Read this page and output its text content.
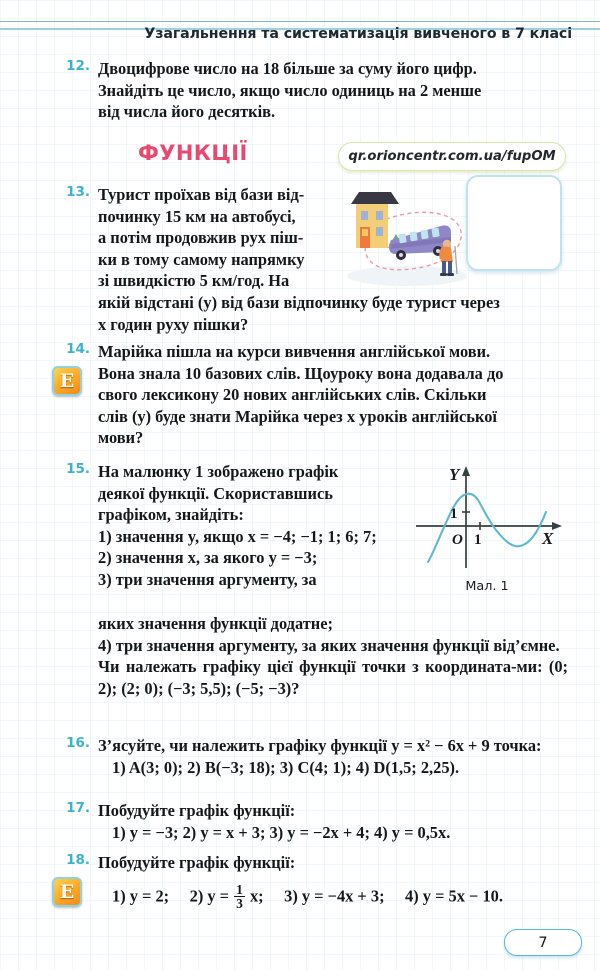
Узагальнення та систематизація вивченого в 7 класі
12. Двоцифрове число на 18 більше за суму його цифр.
Знайдіть це число, якщо число одиниць на 2 менше
від числа його десятків.
ФУНКЦІЇ	qr.orioncentr.com.ua/fupOM
13. Турист проїхав від бази від-
починку 15 км на автобусі,
а потім продовжив рух піш-
ки в тому самому напрямку
зі швидкістю 5 км/год. На
якій відстані (y) від бази відпочинку буде турист через
x годин руху пішки?
14. Марійка пішла на курси вивчення англійської мови.
Вона знала 10 базових слів. Щоуроку вона додавала до
свого лексикону 20 нових англійських слів. Скільки
слів (y) буде знати Марійка через x уроків англійської
мови?
E
15. На малюнку 1 зображено графік
деякої функції. Скориставшись
графіком, знайдіть:
1) значення y, якщо x = −4; −1; 1; 6; 7;
2) значення x, за якого y = −3;
3) три значення аргументу, за
яких значення функції додатне;
4) три значення аргументу, за яких значення функції від’ємне.
Чи належать графіку цієї функції точки з координата-ми: (0; 2); (2; 0); (−3; 5,5); (−5; −3)?
Y
X
O
1
1
Мал. 1
16. З’ясуйте, чи належить графіку функції y = x² − 6x + 9 точка:
1) A(3; 0); 2) B(−3; 18); 3) C(4; 1); 4) D(1,5; 2,25).
17. Побудуйте графік функції:
1) y = −3; 2) y = x + 3; 3) y = −2x + 4; 4) y = 0,5x.
18. Побудуйте графік функції:
1) y = 2; 2) $y = \frac{1}{3} x$; 3) y = −4x + 3; 4) y = 5x − 10.
E
7
